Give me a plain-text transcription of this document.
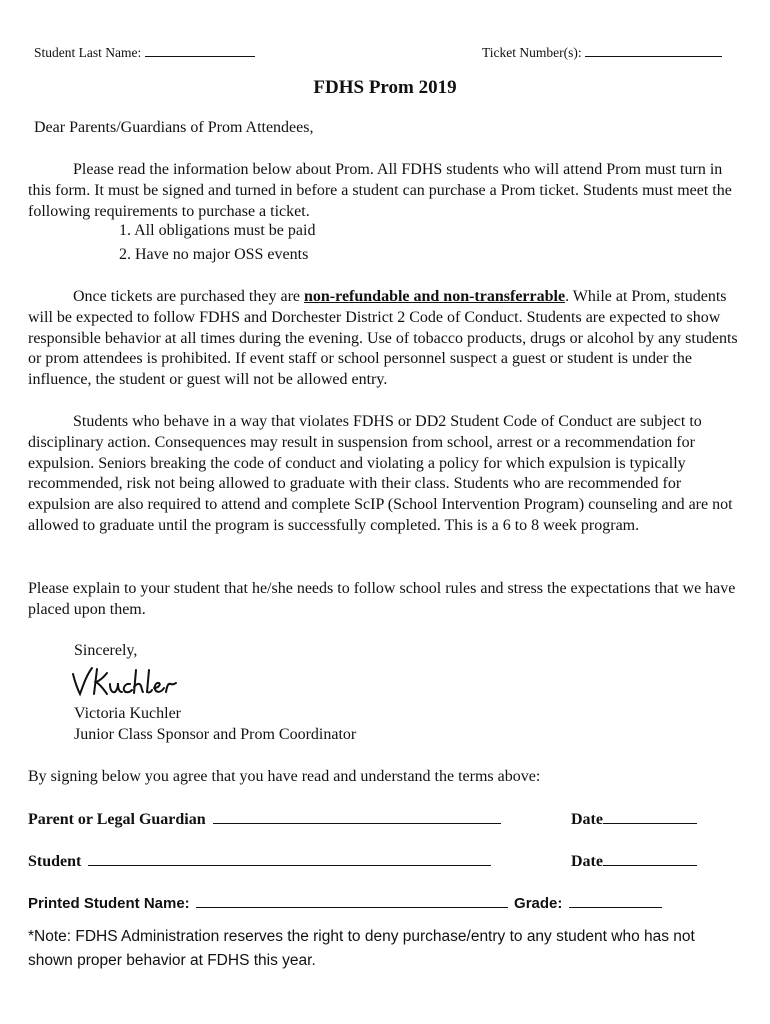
Student Last Name:	Ticket Number(s):
FDHS Prom 2019
Dear Parents/Guardians of Prom Attendees,
Please read the information below about Prom. All FDHS students who will attend Prom must turn in this form. It must be signed and turned in before a student can purchase a Prom ticket. Students must meet the following requirements to purchase a ticket.
1. All obligations must be paid
2. Have no major OSS events
Once tickets are purchased they are non-refundable and non-transferrable. While at Prom, students will be expected to follow FDHS and Dorchester District 2 Code of Conduct. Students are expected to show responsible behavior at all times during the evening. Use of tobacco products, drugs or alcohol by any students or prom attendees is prohibited. If event staff or school personnel suspect a guest or student is under the influence, the student or guest will not be allowed entry.
Students who behave in a way that violates FDHS or DD2 Student Code of Conduct are subject to disciplinary action. Consequences may result in suspension from school, arrest or a recommendation for expulsion. Seniors breaking the code of conduct and violating a policy for which expulsion is typically recommended, risk not being allowed to graduate with their class. Students who are recommended for expulsion are also required to attend and complete ScIP (School Intervention Program) counseling and are not allowed to graduate until the program is successfully completed. This is a 6 to 8 week program.
Please explain to your student that he/she needs to follow school rules and stress the expectations that we have placed upon them.
Sincerely,
Victoria Kuchler
Junior Class Sponsor and Prom Coordinator
By signing below you agree that you have read and understand the terms above:
Parent or Legal Guardian	Date
Student	Date
Printed Student Name:	Grade:
*Note: FDHS Administration reserves the right to deny purchase/entry to any student who has not shown proper behavior at FDHS this year.
